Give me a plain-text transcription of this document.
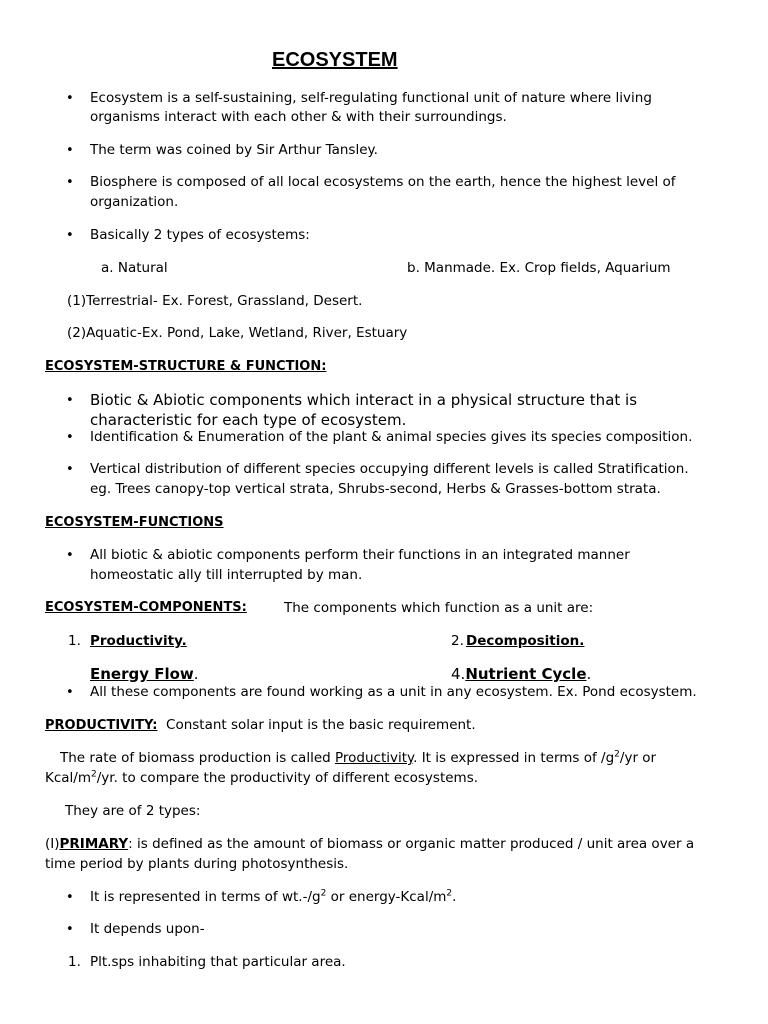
ECOSYSTEM
• Ecosystem is a self-sustaining, self-regulating functional unit of nature where living
organisms interact with each other & with their surroundings.
• The term was coined by Sir Arthur Tansley.
• Biosphere is composed of all local ecosystems on the earth, hence the highest level of
organization.
• Basically 2 types of ecosystems:
a. Natural	b. Manmade. Ex. Crop fields, Aquarium
(1)Terrestrial- Ex. Forest, Grassland, Desert.
(2)Aquatic-Ex. Pond, Lake, Wetland, River, Estuary
ECOSYSTEM-STRUCTURE & FUNCTION:
• Biotic & Abiotic components which interact in a physical structure that is
characteristic for each type of ecosystem.
• Identification & Enumeration of the plant & animal species gives its species composition.
• Vertical distribution of different species occupying different levels is called Stratification.
eg. Trees canopy-top vertical strata, Shrubs-second, Herbs & Grasses-bottom strata.
ECOSYSTEM-FUNCTIONS
• All biotic & abiotic components perform their functions in an integrated manner
homeostatic ally till interrupted by man.
ECOSYSTEM-COMPONENTS:	The components which function as a unit are:
1. Productivity.	2. Decomposition.
Energy Flow.	4.Nutrient Cycle.
• All these components are found working as a unit in any ecosystem. Ex. Pond ecosystem.
PRODUCTIVITY: Constant solar input is the basic requirement.
The rate of biomass production is called Productivity. It is expressed in terms of $/g^2/yr$ or
Kcal/$m^2/yr$. to compare the productivity of different ecosystems.
They are of 2 types:
(I)PRIMARY: is defined as the amount of biomass or organic matter produced / unit area over a
time period by plants during photosynthesis.
• It is represented in terms of $wt.-/g^2$ or energy-$Kcal/m^2$.
• It depends upon-
1. Plt.sps inhabiting that particular area.
